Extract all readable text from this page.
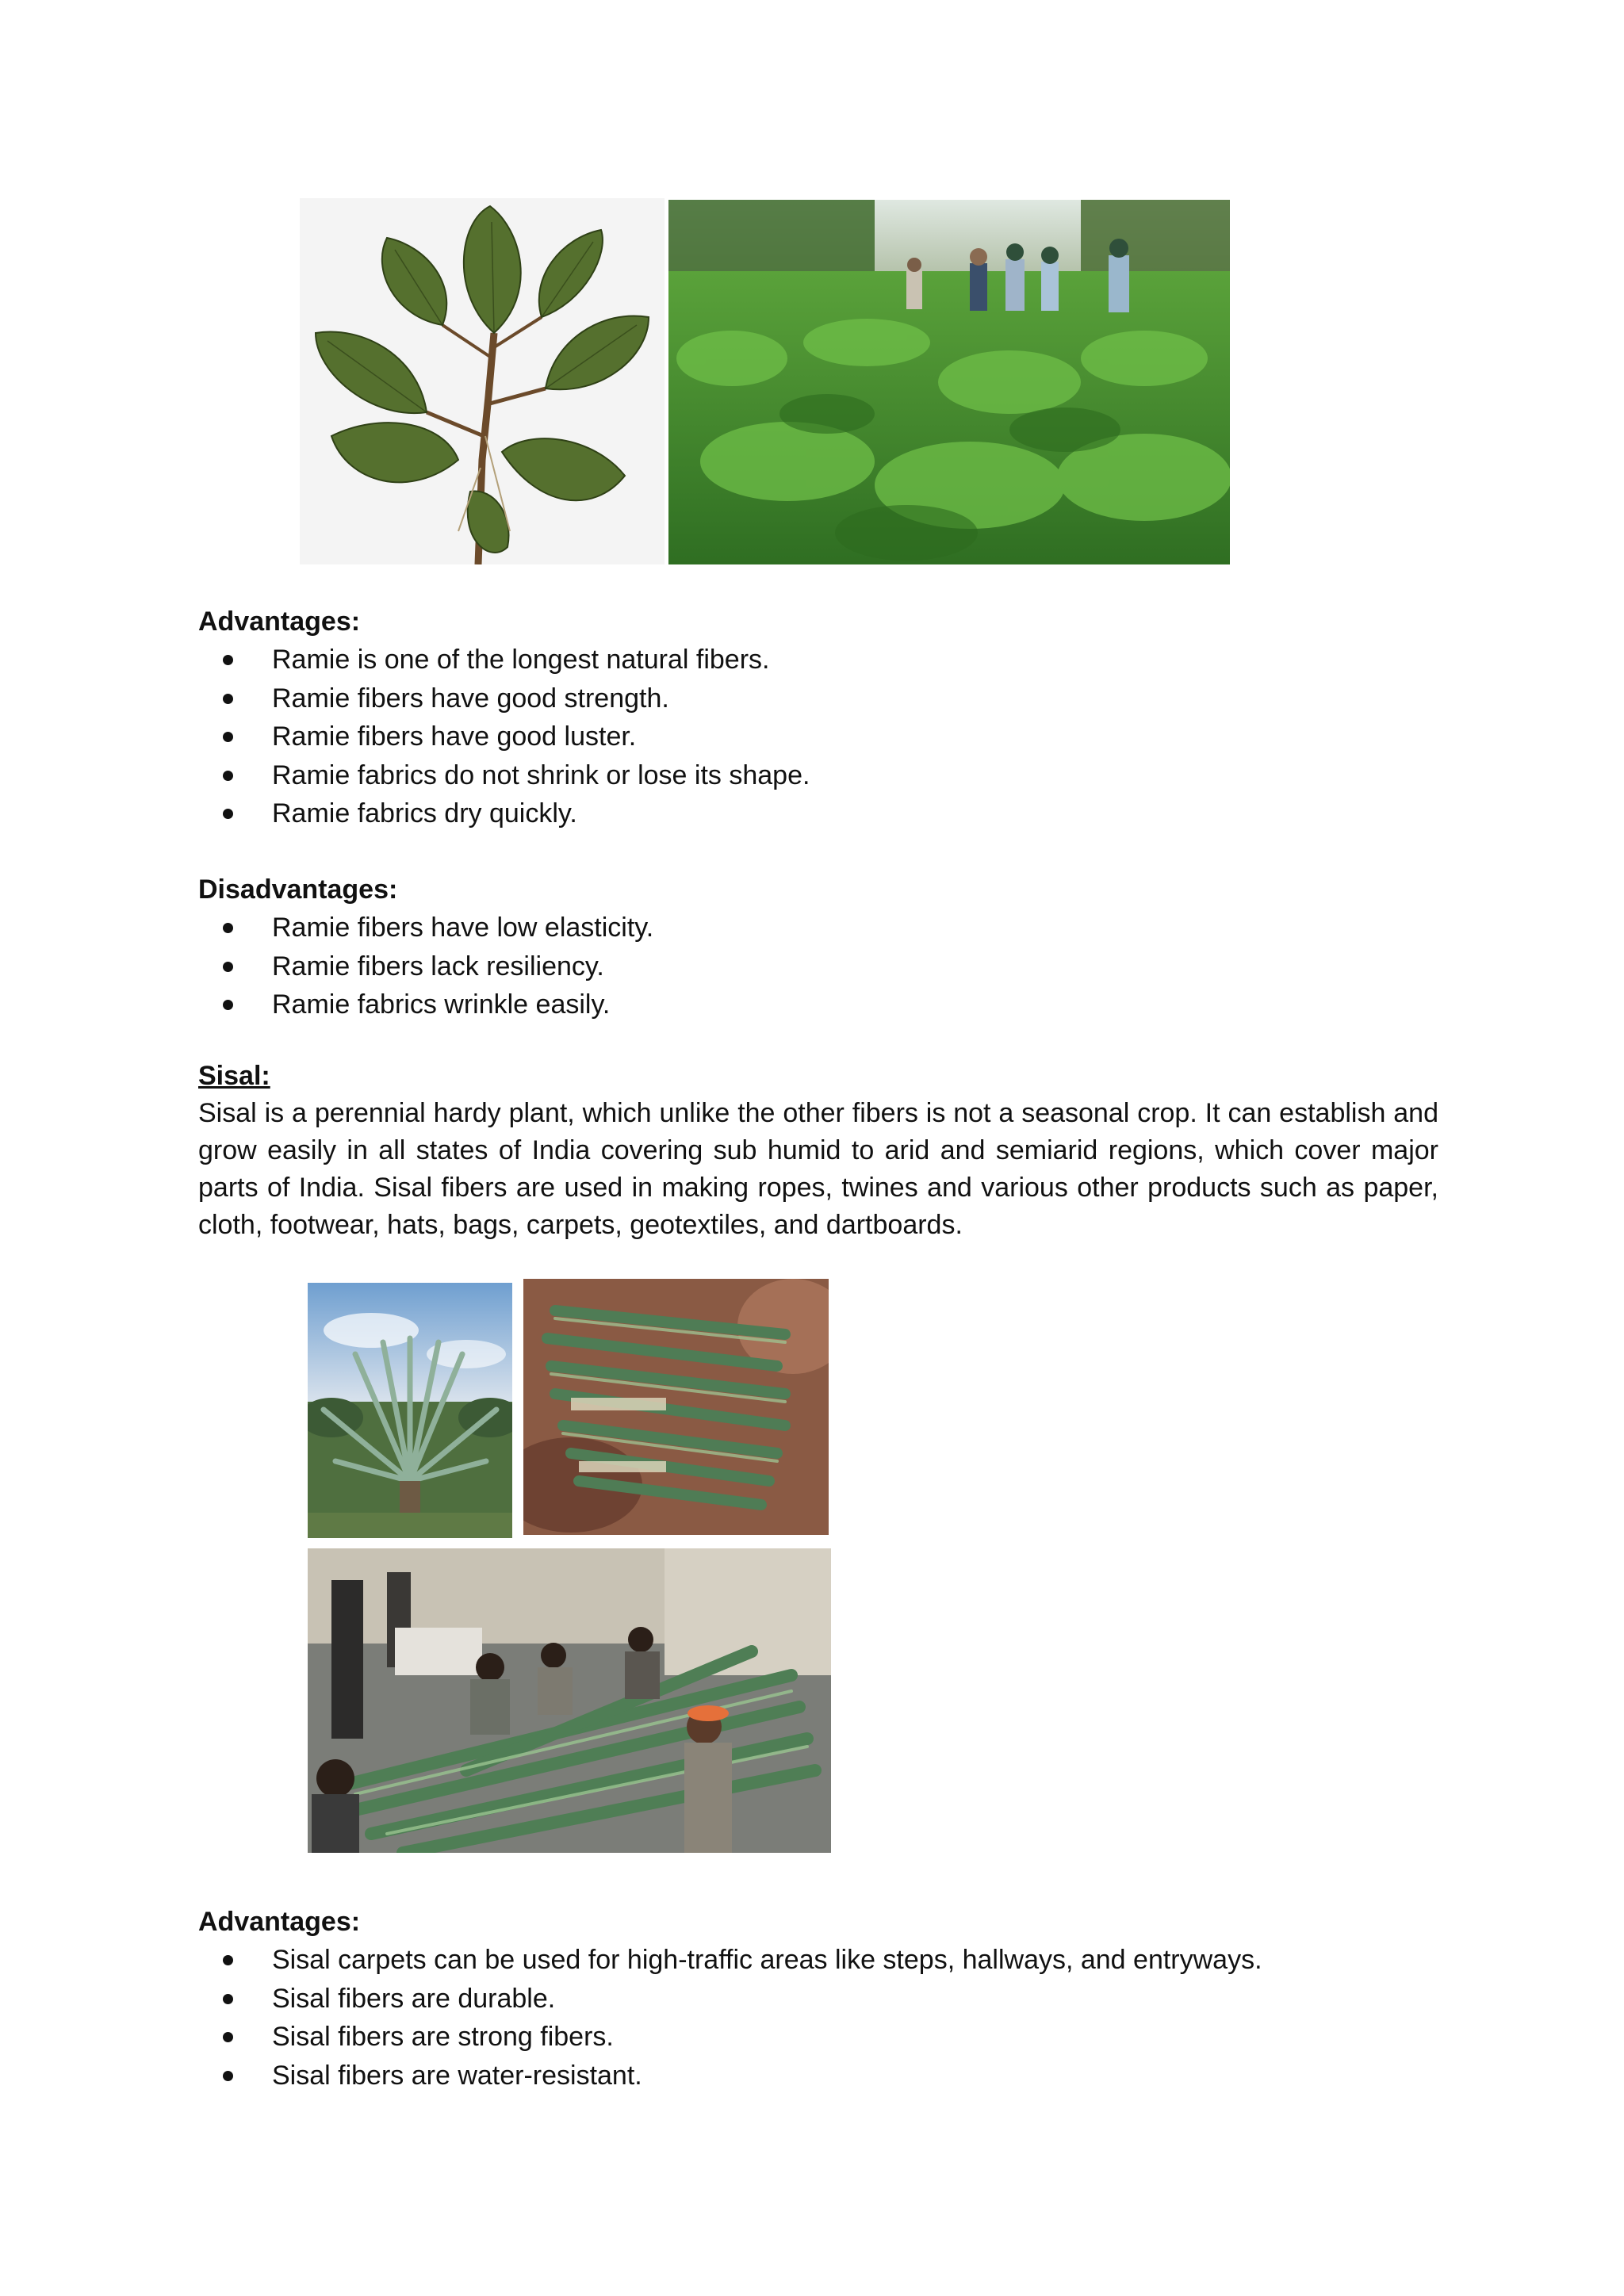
Advantages:

Ramie is one of the longest natural fibers.
Ramie fibers have good strength.
Ramie fibers have good luster.
Ramie fabrics do not shrink or lose its shape.
Ramie fabrics dry quickly.

Disadvantages:

Ramie fibers have low elasticity.
Ramie fibers lack resiliency.
Ramie fabrics wrinkle easily.

Sisal:

Sisal is a perennial hardy plant, which unlike the other fibers is not a seasonal crop. It can establish and grow easily in all states of India covering sub humid to arid and semiarid regions, which cover major parts of India. Sisal fibers are used in making ropes, twines and various other products such as paper, cloth, footwear, hats, bags, carpets, geotextiles, and dartboards.

Advantages:

Sisal carpets can be used for high-traffic areas like steps, hallways, and entryways.
Sisal fibers are durable.
Sisal fibers are strong fibers.
Sisal fibers are water-resistant.
